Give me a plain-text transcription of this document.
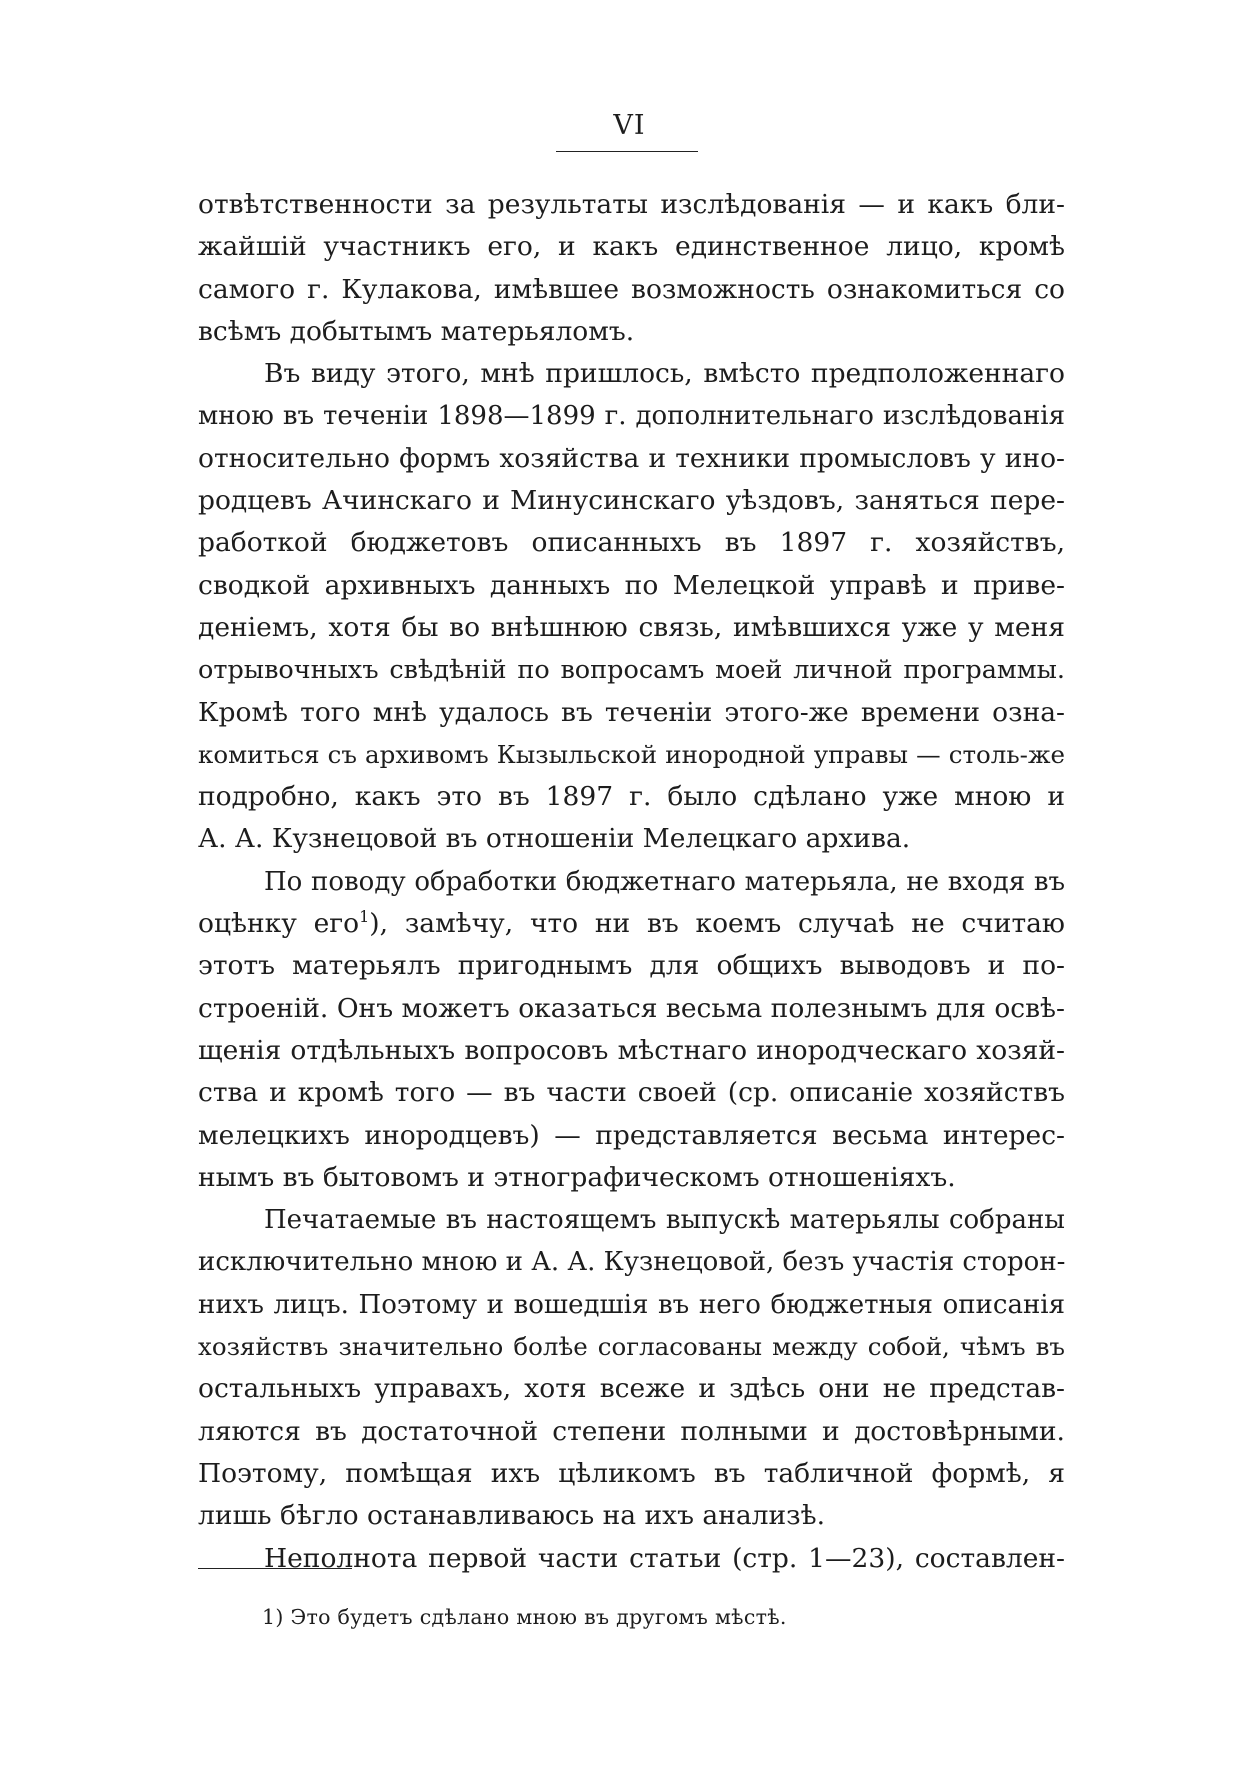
VI
отвѣтственности за результаты изслѣдованія — и какъ бли-
жайшій участникъ его, и какъ единственное лицо, кромѣ
самого г. Кулакова, имѣвшее возможность ознакомиться со
всѣмъ добытымъ матерьяломъ.
Въ виду этого, мнѣ пришлось, вмѣсто предположеннаго
мною въ теченіи 1898—1899 г. дополнительнаго изслѣдованія
относительно формъ хозяйства и техники промысловъ у ино-
родцевъ Ачинскаго и Минусинскаго уѣздовъ, заняться пере-
работкой бюджетовъ описанныхъ въ 1897 г. хозяйствъ,
сводкой архивныхъ данныхъ по Мелецкой управѣ и приве-
деніемъ, хотя бы во внѣшнюю связь, имѣвшихся уже у меня
отрывочныхъ свѣдѣній по вопросамъ моей личной программы.
Кромѣ того мнѣ удалось въ теченіи этого-же времени озна-
комиться съ архивомъ Кызыльской инородной управы — столь-же
подробно, какъ это въ 1897 г. было сдѣлано уже мною и
А. А. Кузнецовой въ отношеніи Мелецкаго архива.
По поводу обработки бюджетнаго матерьяла, не входя въ
оцѣнку его$^1$), замѣчу, что ни въ коемъ случаѣ не считаю
этотъ матерьялъ пригоднымъ для общихъ выводовъ и по-
строеній. Онъ можетъ оказаться весьма полезнымъ для освѣ-
щенія отдѣльныхъ вопросовъ мѣстнаго инородческаго хозяй-
ства и кромѣ того — въ части своей (ср. описаніе хозяйствъ
мелецкихъ инородцевъ) — представляется весьма интерес-
нымъ въ бытовомъ и этнографическомъ отношеніяхъ.
Печатаемые въ настоящемъ выпускѣ матерьялы собраны
исключительно мною и А. А. Кузнецовой, безъ участія сторон-
нихъ лицъ. Поэтому и вошедшія въ него бюджетныя описанія
хозяйствъ значительно болѣе согласованы между собой, чѣмъ въ
остальныхъ управахъ, хотя всеже и здѣсь они не представ-
ляются въ достаточной степени полными и достовѣрными.
Поэтому, помѣщая ихъ цѣликомъ въ табличной формѣ, я
лишь бѣгло останавливаюсь на ихъ анализѣ.
Неполнота первой части статьи (стр. 1—23), составлен-
1) Это будетъ сдѣлано мною въ другомъ мѣстѣ.
